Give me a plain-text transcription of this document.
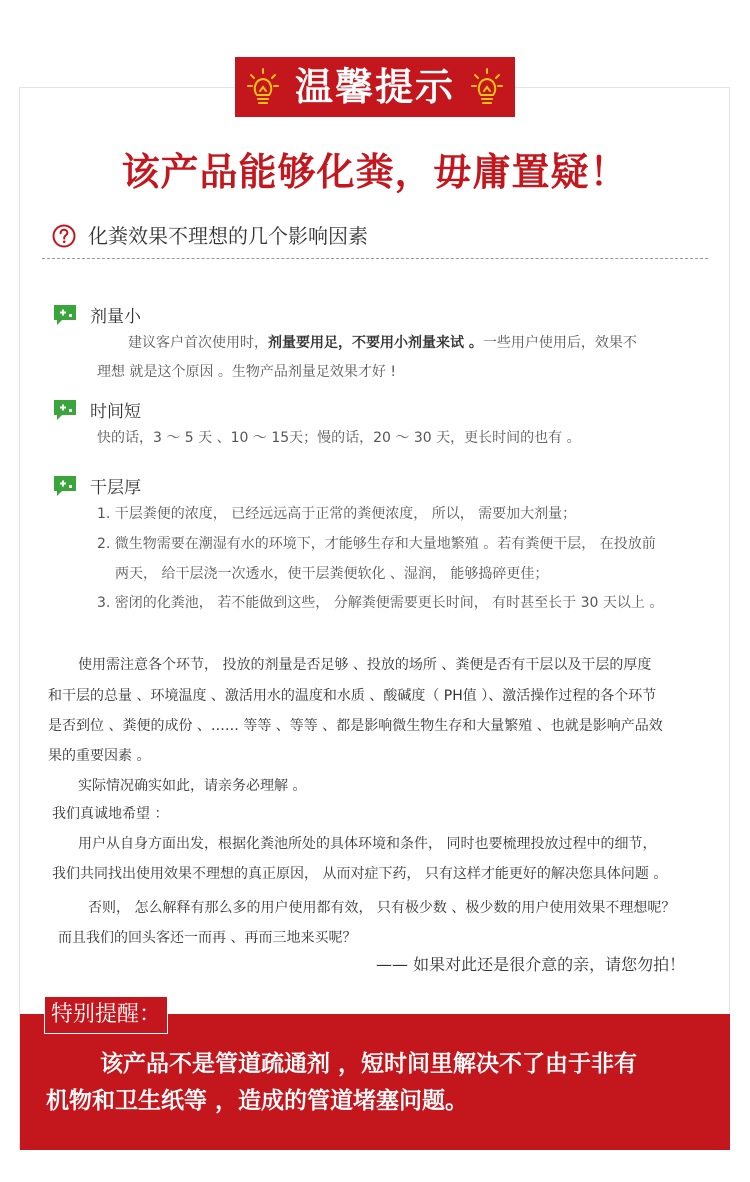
温馨提示
该产品能够化粪，毋庸置疑！
化粪效果不理想的几个影响因素
剂量小
建议客户首次使用时，剂量要用足，不要用小剂量来试 。一些用户使用后，效果不
理想 就是这个原因 。生物产品剂量足效果才好 !
时间短
快的话，3 ～ 5 天 、10 ～ 15天；慢的话，20 ～ 30 天，更长时间的也有 。
干层厚
1. 干层粪便的浓度， 已经远远高于正常的粪便浓度， 所以， 需要加大剂量；
2. 微生物需要在潮湿有水的环境下，才能够生存和大量地繁殖 。若有粪便干层， 在投放前
两天， 给干层浇一次透水，使干层粪便软化 、湿润， 能够捣碎更佳；
3. 密闭的化粪池， 若不能做到这些， 分解粪便需要更长时间， 有时甚至长于 30 天以上 。
使用需注意各个环节， 投放的剂量是否足够 、投放的场所 、粪便是否有干层以及干层的厚度
和干层的总量 、环境温度 、激活用水的温度和水质 、酸碱度（ PH值 ）、激活操作过程的各个环节
是否到位 、粪便的成份 、…… 等等 、等等 、都是影响微生物生存和大量繁殖 、也就是影响产品效
果的重要因素 。
实际情况确实如此，请亲务必理解 。
我们真诚地希望 ：
用户从自身方面出发，根据化粪池所处的具体环境和条件， 同时也要梳理投放过程中的细节，
我们共同找出使用效果不理想的真正原因， 从而对症下药， 只有这样才能更好的解决您具体问题 。
否则， 怎么解释有那么多的用户使用都有效， 只有极少数 、极少数的用户使用效果不理想呢？
而且我们的回头客还一而再 、再而三地来买呢？
—— 如果对此还是很介意的亲，请您勿拍！
特别提醒：
该产品不是管道疏通剂 ，短时间里解决不了由于非有
机物和卫生纸等 ，造成的管道堵塞问题。
